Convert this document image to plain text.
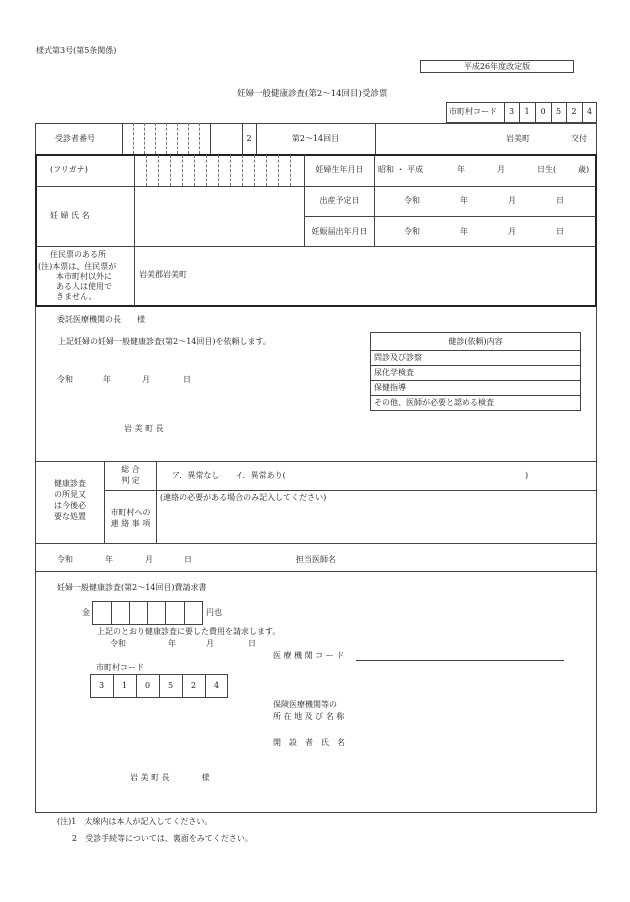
様式第3号(第5条関係)
平成26年度改定版
妊婦一般健康診査(第2～14回目)受診票
市町村コード	3	1	0	5	2	4
受診者番号	2	第2～14回目	岩美町	交付
(フリガナ)	妊婦生年月日	昭和 ・ 平成	年	月	日生(	歳)
妊 婦 氏 名
出産予定日	令和	年	月	日
妊娠届出年月日	令和	年	月	日
住民票のある所
(注)本票は、住民票が
本市町村以外に
ある人は使用で
きません。
岩美郡岩美町
委託医療機関の長　　様
上記妊婦の妊婦一般健康診査(第2～14回目)を依頼します。
令和	年	月	日
岩 美 町 長
健診(依頼)内容
問診及び診察
尿化学検査
保健指導
その他、医師が必要と認める検査
健康診査
の所見又
は今後必
要な処置
総 合
判 定
ア．異常なし　　イ．異常あり(	)
市町村への
連 絡 事 項
(連絡の必要がある場合のみ記入してください)
令和	年	月	日	担当医師名
妊婦一般健康診査(第2～14回目)費請求書
金	円也
上記のとおり健康診査に要した費用を請求します。
令和	年	月	日
医 療 機 関 コ ー ド
市町村コード
3	1	0	5	2	4
保険医療機関等の
所 在 地 及 び 名 称
開　設　者　氏　名
岩 美 町 長　　　　様
(注)1　太線内は本人が記入してください。
2　受診手続等については、裏面をみてください。
